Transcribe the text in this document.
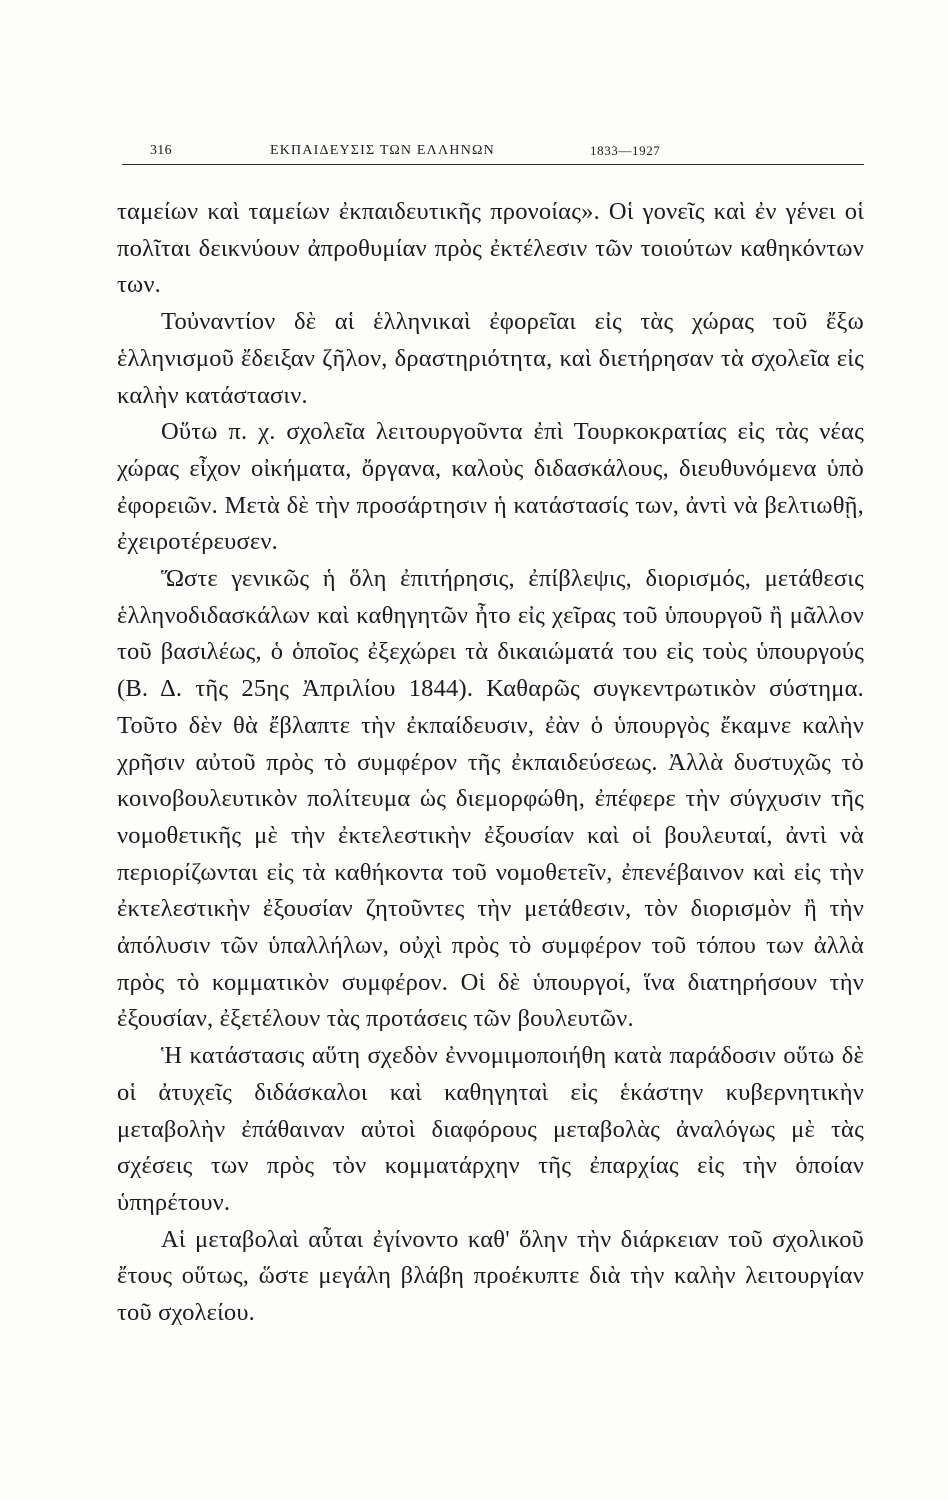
316	ΕΚΠΑΙΔΕΥΣΙΣ ΤΩΝ ΕΛΛΗΝΩΝ	1833—1927

ταμείων καὶ ταμείων ἐκπαιδευτικῆς προνοίας». Οἱ γονεῖς καὶ ἐν γένει οἱ πολῖται δεικνύουν ἀπροθυμίαν πρὸς ἐκτέλεσιν τῶν τοιούτων καθηκόντων των.

Τοὐναντίον δὲ αἱ ἑλληνικαὶ ἐφορεῖαι εἰς τὰς χώρας τοῦ ἔξω ἑλληνισμοῦ ἔδειξαν ζῆλον, δραστηριότητα, καὶ διετήρησαν τὰ σχολεῖα εἰς καλὴν κατάστασιν.

Οὕτω π. χ. σχολεῖα λειτουργοῦντα ἐπὶ Τουρκοκρατίας εἰς τὰς νέας χώρας εἶχον οἰκήματα, ὄργανα, καλοὺς διδασκάλους, διευθυνόμενα ὑπὸ ἐφορειῶν. Μετὰ δὲ τὴν προσάρτησιν ἡ κατάστασίς των, ἀντὶ νὰ βελτιωθῇ, ἐχειροτέρευσεν.

Ὥστε γενικῶς ἡ ὅλη ἐπιτήρησις, ἐπίβλεψις, διορισμός, μετάθεσις ἑλληνοδιδασκάλων καὶ καθηγητῶν ἦτο εἰς χεῖρας τοῦ ὑπουργοῦ ἢ μᾶλλον τοῦ βασιλέως, ὁ ὁποῖος ἐξεχώρει τὰ δικαιώματά του εἰς τοὺς ὑπουργούς (Β. Δ. τῆς 25ης Ἀπριλίου 1844). Καθαρῶς συγκεντρωτικὸν σύστημα. Τοῦτο δὲν θὰ ἔβλαπτε τὴν ἐκπαίδευσιν, ἐὰν ὁ ὑπουργὸς ἔκαμνε καλὴν χρῆσιν αὐτοῦ πρὸς τὸ συμφέρον τῆς ἐκπαιδεύσεως. Ἀλλὰ δυστυχῶς τὸ κοινοβουλευτικὸν πολίτευμα ὡς διεμορφώθη, ἐπέφερε τὴν σύγχυσιν τῆς νομοθετικῆς μὲ τὴν ἐκτελεστικὴν ἐξουσίαν καὶ οἱ βουλευταί, ἀντὶ νὰ περιορίζωνται εἰς τὰ καθήκοντα τοῦ νομοθετεῖν, ἐπενέβαινον καὶ εἰς τὴν ἐκτελεστικὴν ἐξουσίαν ζητοῦντες τὴν μετάθεσιν, τὸν διορισμὸν ἢ τὴν ἀπόλυσιν τῶν ὑπαλλήλων, οὐχὶ πρὸς τὸ συμφέρον τοῦ τόπου των ἀλλὰ πρὸς τὸ κομματικὸν συμφέρον. Οἱ δὲ ὑπουργοί, ἵνα διατηρήσουν τὴν ἐξουσίαν, ἐξετέλουν τὰς προτάσεις τῶν βουλευτῶν.

Ἡ κατάστασις αὕτη σχεδὸν ἐννομιμοποιήθη κατὰ παράδοσιν οὕτω δὲ οἱ ἀτυχεῖς διδάσκαλοι καὶ καθηγηταὶ εἰς ἑκάστην κυβερνητικὴν μεταβολὴν ἐπάθαιναν αὐτοὶ διαφόρους μεταβολὰς ἀναλόγως μὲ τὰς σχέσεις των πρὸς τὸν κομματάρχην τῆς ἐπαρχίας εἰς τὴν ὁποίαν ὑπηρέτουν.

Αἱ μεταβολαὶ αὗται ἐγίνοντο καθ' ὅλην τὴν διάρκειαν τοῦ σχολικοῦ ἔτους οὕτως, ὥστε μεγάλη βλάβη προέκυπτε διὰ τὴν καλὴν λειτουργίαν τοῦ σχολείου.
